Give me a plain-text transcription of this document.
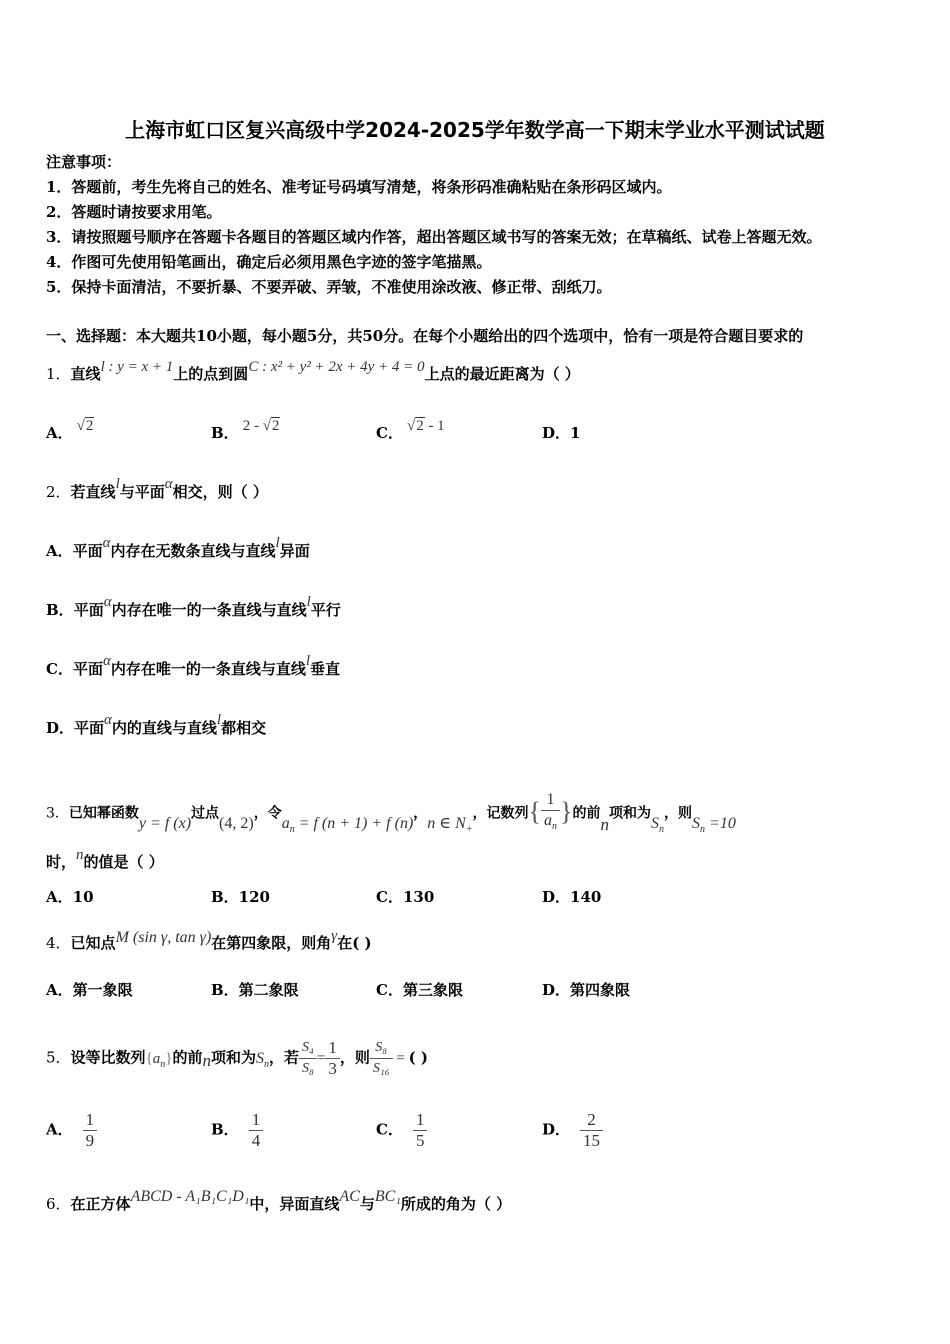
上海市虹口区复兴高级中学2024-2025学年数学高一下期末学业水平测试试题
注意事项：
1．答题前，考生先将自己的姓名、准考证号码填写清楚，将条形码准确粘贴在条形码区域内。
2．答题时请按要求用笔。
3．请按照题号顺序在答题卡各题目的答题区域内作答，超出答题区域书写的答案无效；在草稿纸、试卷上答题无效。
4．作图可先使用铅笔画出，确定后必须用黑色字迹的签字笔描黑。
5．保持卡面清洁，不要折暴、不要弄破、弄皱，不准使用涂改液、修正带、刮纸刀。
一、选择题：本大题共10小题，每小题5分，共50分。在每个小题给出的四个选项中，恰有一项是符合题目要求的
1．直线l : y = x + 1上的点到圆C : x² + y² + 2x + 4y + 4 = 0上点的最近距离为（ ）
A． √2	B． 2 - √2	C． √2 - 1	D．1
2．若直线l与平面α相交，则（ ）
A．平面α内存在无数条直线与直线l异面
B．平面α内存在唯一的一条直线与直线l平行
C．平面α内存在唯一的一条直线与直线l垂直
D．平面α内的直线与直线l都相交
3．已知幂函数y = f (x)过点(4, 2)，令$a_n = f$ (n + 1) + f (n)，n ∈ $N_+$，记数列{ $\frac{1}{a_n}$ }的前n项和为$S_n$，则$S_n =10$
时，n的值是（ ）
A．10	B．120	C．130	D．140
4．已知点M (sin γ, tan γ)在第四象限，则角γ在( )
A．第一象限	B．第二象限	C．第三象限	D．第四象限
5．设等比数列$\{a_n\}$的前n项和为$S_n$，若 $\frac{\text{S₄}}{\text{S₈}} = \frac{1}{3}$ ，则 $\frac{\text{S₈}}{\text{S₁₆}}$ = ( )
A． $\frac{1}{9}$	B． $\frac{1}{4}$	C． $\frac{1}{5}$	D． $\frac{2}{15}$
6．在正方体ABCD - A₁B₁C₁D₁中，异面直线AC与BC₁所成的角为（ ）
